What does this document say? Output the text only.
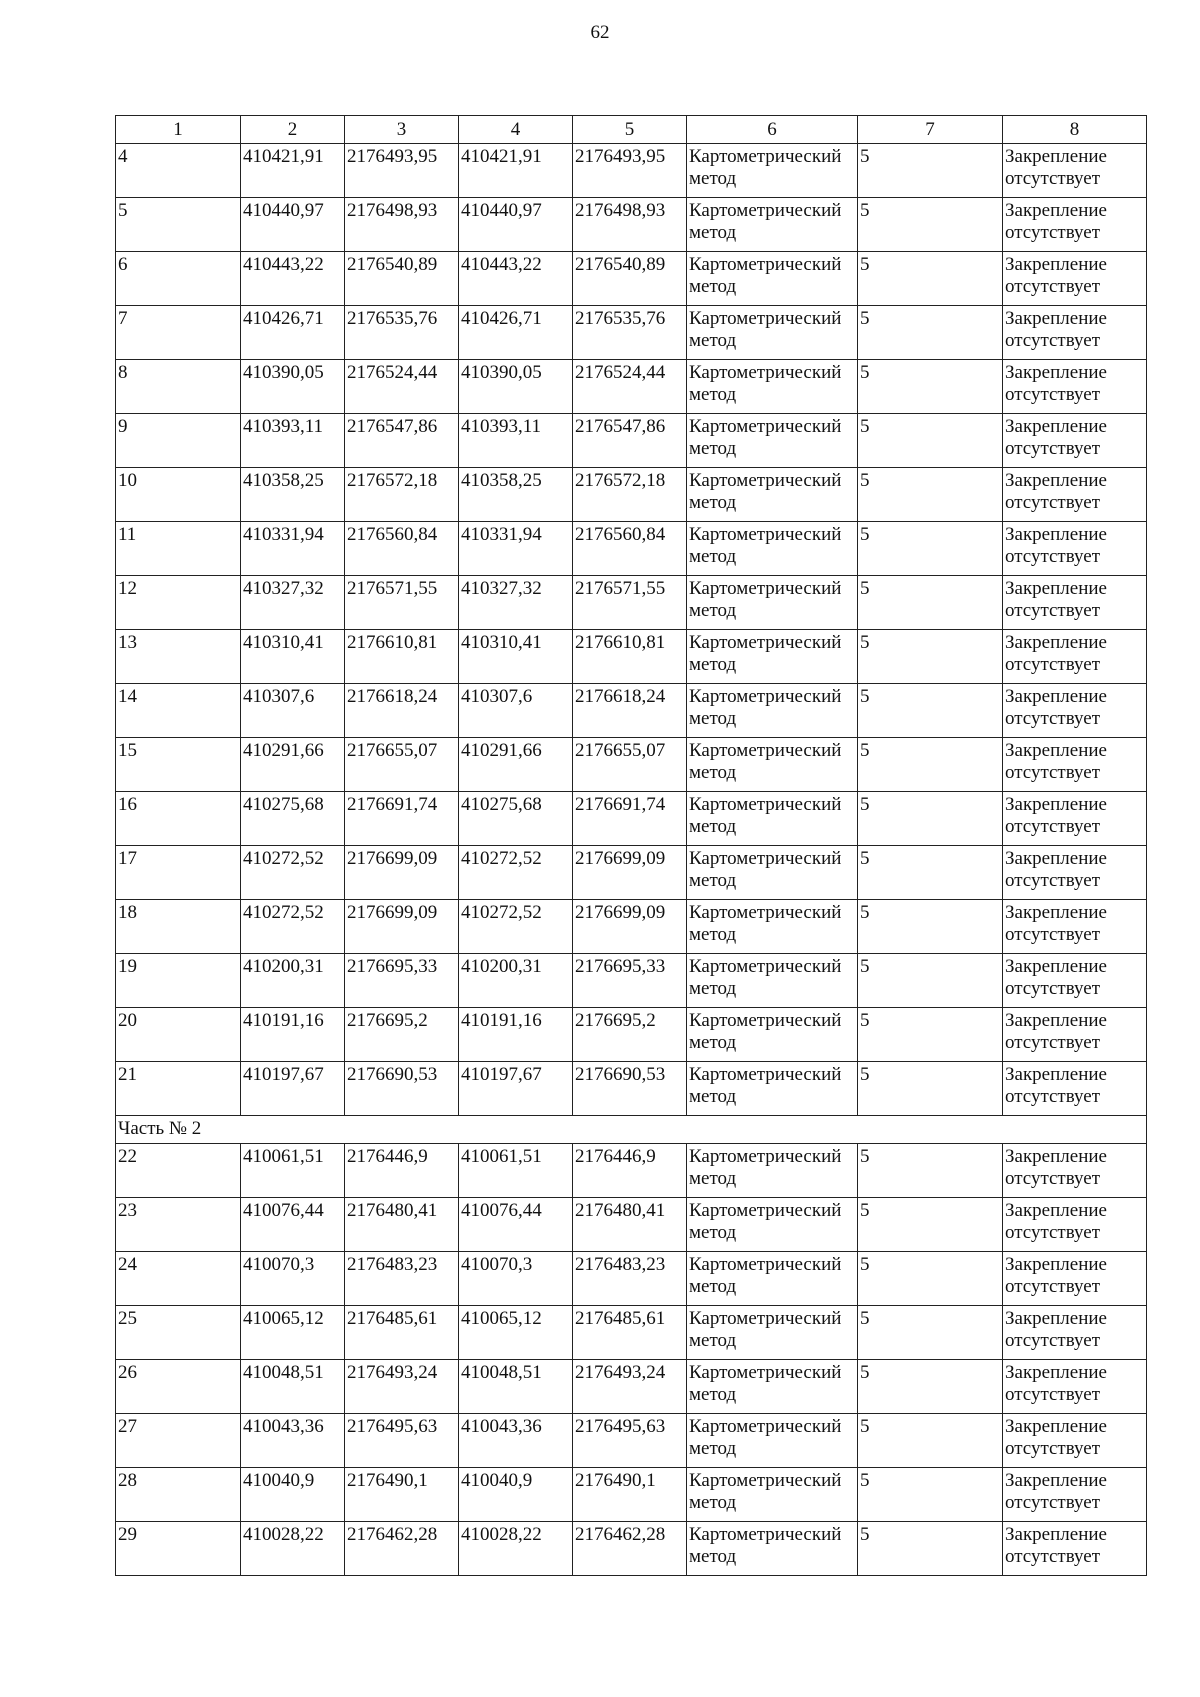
62
1	2	3	4	5	6	7	8
4	410421,91	2176493,95	410421,91	2176493,95	Картометрический метод	5	Закрепление отсутствует
5	410440,97	2176498,93	410440,97	2176498,93	Картометрический метод	5	Закрепление отсутствует
6	410443,22	2176540,89	410443,22	2176540,89	Картометрический метод	5	Закрепление отсутствует
7	410426,71	2176535,76	410426,71	2176535,76	Картометрический метод	5	Закрепление отсутствует
8	410390,05	2176524,44	410390,05	2176524,44	Картометрический метод	5	Закрепление отсутствует
9	410393,11	2176547,86	410393,11	2176547,86	Картометрический метод	5	Закрепление отсутствует
10	410358,25	2176572,18	410358,25	2176572,18	Картометрический метод	5	Закрепление отсутствует
11	410331,94	2176560,84	410331,94	2176560,84	Картометрический метод	5	Закрепление отсутствует
12	410327,32	2176571,55	410327,32	2176571,55	Картометрический метод	5	Закрепление отсутствует
13	410310,41	2176610,81	410310,41	2176610,81	Картометрический метод	5	Закрепление отсутствует
14	410307,6	2176618,24	410307,6	2176618,24	Картометрический метод	5	Закрепление отсутствует
15	410291,66	2176655,07	410291,66	2176655,07	Картометрический метод	5	Закрепление отсутствует
16	410275,68	2176691,74	410275,68	2176691,74	Картометрический метод	5	Закрепление отсутствует
17	410272,52	2176699,09	410272,52	2176699,09	Картометрический метод	5	Закрепление отсутствует
18	410272,52	2176699,09	410272,52	2176699,09	Картометрический метод	5	Закрепление отсутствует
19	410200,31	2176695,33	410200,31	2176695,33	Картометрический метод	5	Закрепление отсутствует
20	410191,16	2176695,2	410191,16	2176695,2	Картометрический метод	5	Закрепление отсутствует
21	410197,67	2176690,53	410197,67	2176690,53	Картометрический метод	5	Закрепление отсутствует
Часть № 2							
22	410061,51	2176446,9	410061,51	2176446,9	Картометрический метод	5	Закрепление отсутствует
23	410076,44	2176480,41	410076,44	2176480,41	Картометрический метод	5	Закрепление отсутствует
24	410070,3	2176483,23	410070,3	2176483,23	Картометрический метод	5	Закрепление отсутствует
25	410065,12	2176485,61	410065,12	2176485,61	Картометрический метод	5	Закрепление отсутствует
26	410048,51	2176493,24	410048,51	2176493,24	Картометрический метод	5	Закрепление отсутствует
27	410043,36	2176495,63	410043,36	2176495,63	Картометрический метод	5	Закрепление отсутствует
28	410040,9	2176490,1	410040,9	2176490,1	Картометрический метод	5	Закрепление отсутствует
29	410028,22	2176462,28	410028,22	2176462,28	Картометрический метод	5	Закрепление отсутствует
